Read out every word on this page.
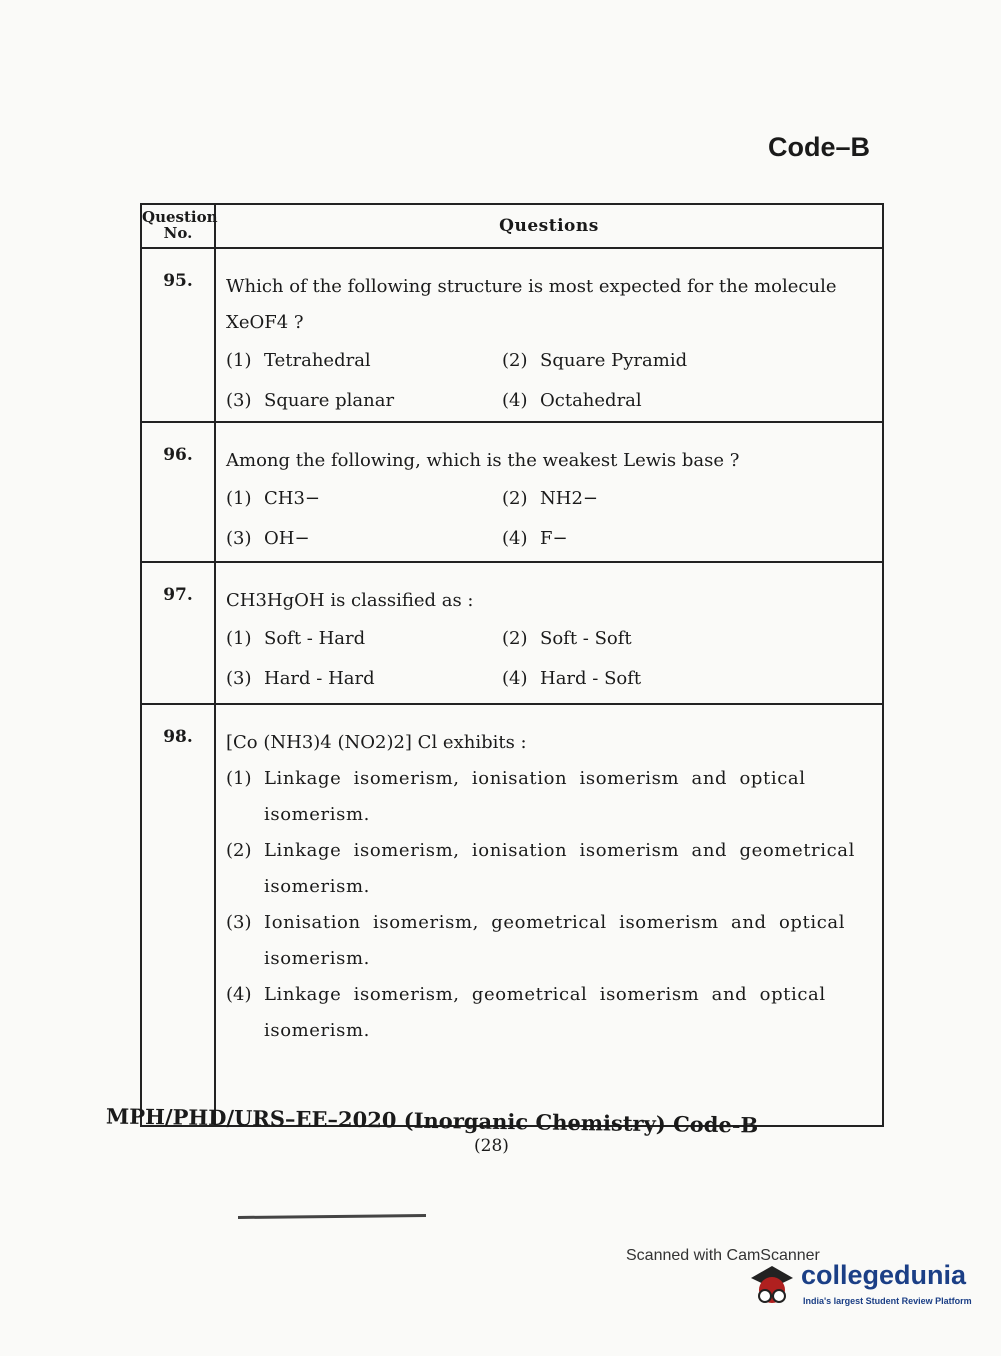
Code–B
Question No.	Questions
95.	Which of the following structure is most expected for the molecule XeOF4 ?
(1) Tetrahedral	(2) Square Pyramid
(3) Square planar	(4) Octahedral
96.	Among the following, which is the weakest Lewis base ?
(1) CH3−	(2) NH2−
(3) OH−	(4) F−
97.	CH3HgOH is classified as :
(1) Soft - Hard	(2) Soft - Soft
(3) Hard - Hard	(4) Hard - Soft
98.	[Co (NH3)4 (NO2)2] Cl exhibits :
(1) Linkage isomerism, ionisation isomerism and optical isomerism.
(2) Linkage isomerism, ionisation isomerism and geometrical isomerism.
(3) Ionisation isomerism, geometrical isomerism and optical isomerism.
(4) Linkage isomerism, geometrical isomerism and optical isomerism.
MPH/PHD/URS–EE–2020 (Inorganic Chemistry) Code-B
(28)
Scanned with CamScanner
collegedunia
India's largest Student Review Platform
